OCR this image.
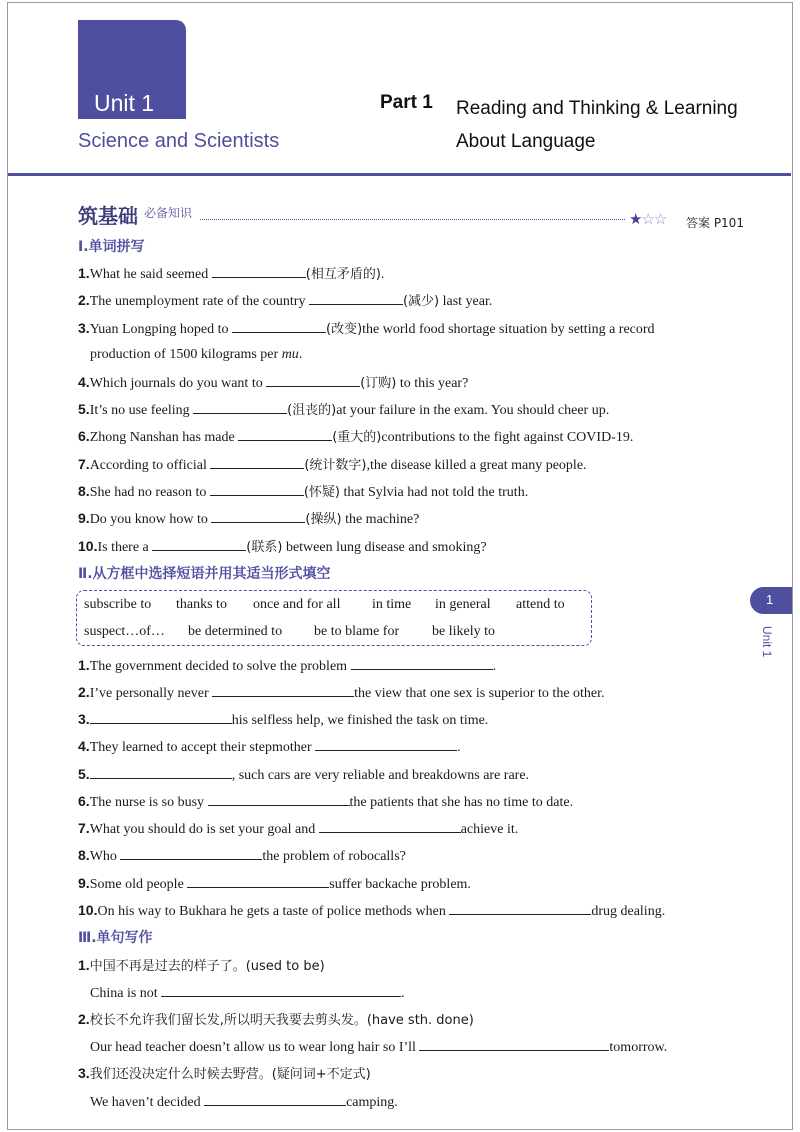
Unit 1
Science and Scientists
Part 1 Reading and Thinking & Learning
About Language
筑基础 必备知识	★☆☆ 答案 P101
Ⅰ.单词拼写
1.What he said seemed	(相互矛盾的).
2.The unemployment rate of the country	(减少) last year.
3.Yuan Longping hoped to	(改变)the world food shortage situation by setting a record
production of 1500 kilograms per mu.
4.Which journals do you want to	(订购) to this year?
5.It’s no use feeling	(沮丧的)at your failure in the exam. You should cheer up.
6.Zhong Nanshan has made	(重大的)contributions to the fight against COVID-19.
7.According to official	(统计数字),the disease killed a great many people.
8.She had no reason to	(怀疑) that Sylvia had not told the truth.
9.Do you know how to	(操纵) the machine?
10.Is there a	(联系) between lung disease and smoking?
Ⅱ.从方框中选择短语并用其适当形式填空
subscribe to thanks to once and for all in time in general attend to
suspect…of… be determined to be to blame for be likely to
1.The government decided to solve the problem	.
2.I’ve personally never	the view that one sex is superior to the other.
3.	his selfless help, we finished the task on time.
4.They learned to accept their stepmother	.
5.	, such cars are very reliable and breakdowns are rare.
6.The nurse is so busy	the patients that she has no time to date.
7.What you should do is set your goal and	achieve it.
8.Who	the problem of robocalls?
9.Some old people	suffer backache problem.
10.On his way to Bukhara he gets a taste of police methods when	drug dealing.
Ⅲ.单句写作
1.中国不再是过去的样子了。(used to be)
China is not	.
2.校长不允许我们留长发,所以明天我要去剪头发。(have sth. done)
Our head teacher doesn’t allow us to wear long hair so I’ll	tomorrow.
3.我们还没决定什么时候去野营。(疑问词+不定式)
We haven’t decided	camping.
1
Unit 1
